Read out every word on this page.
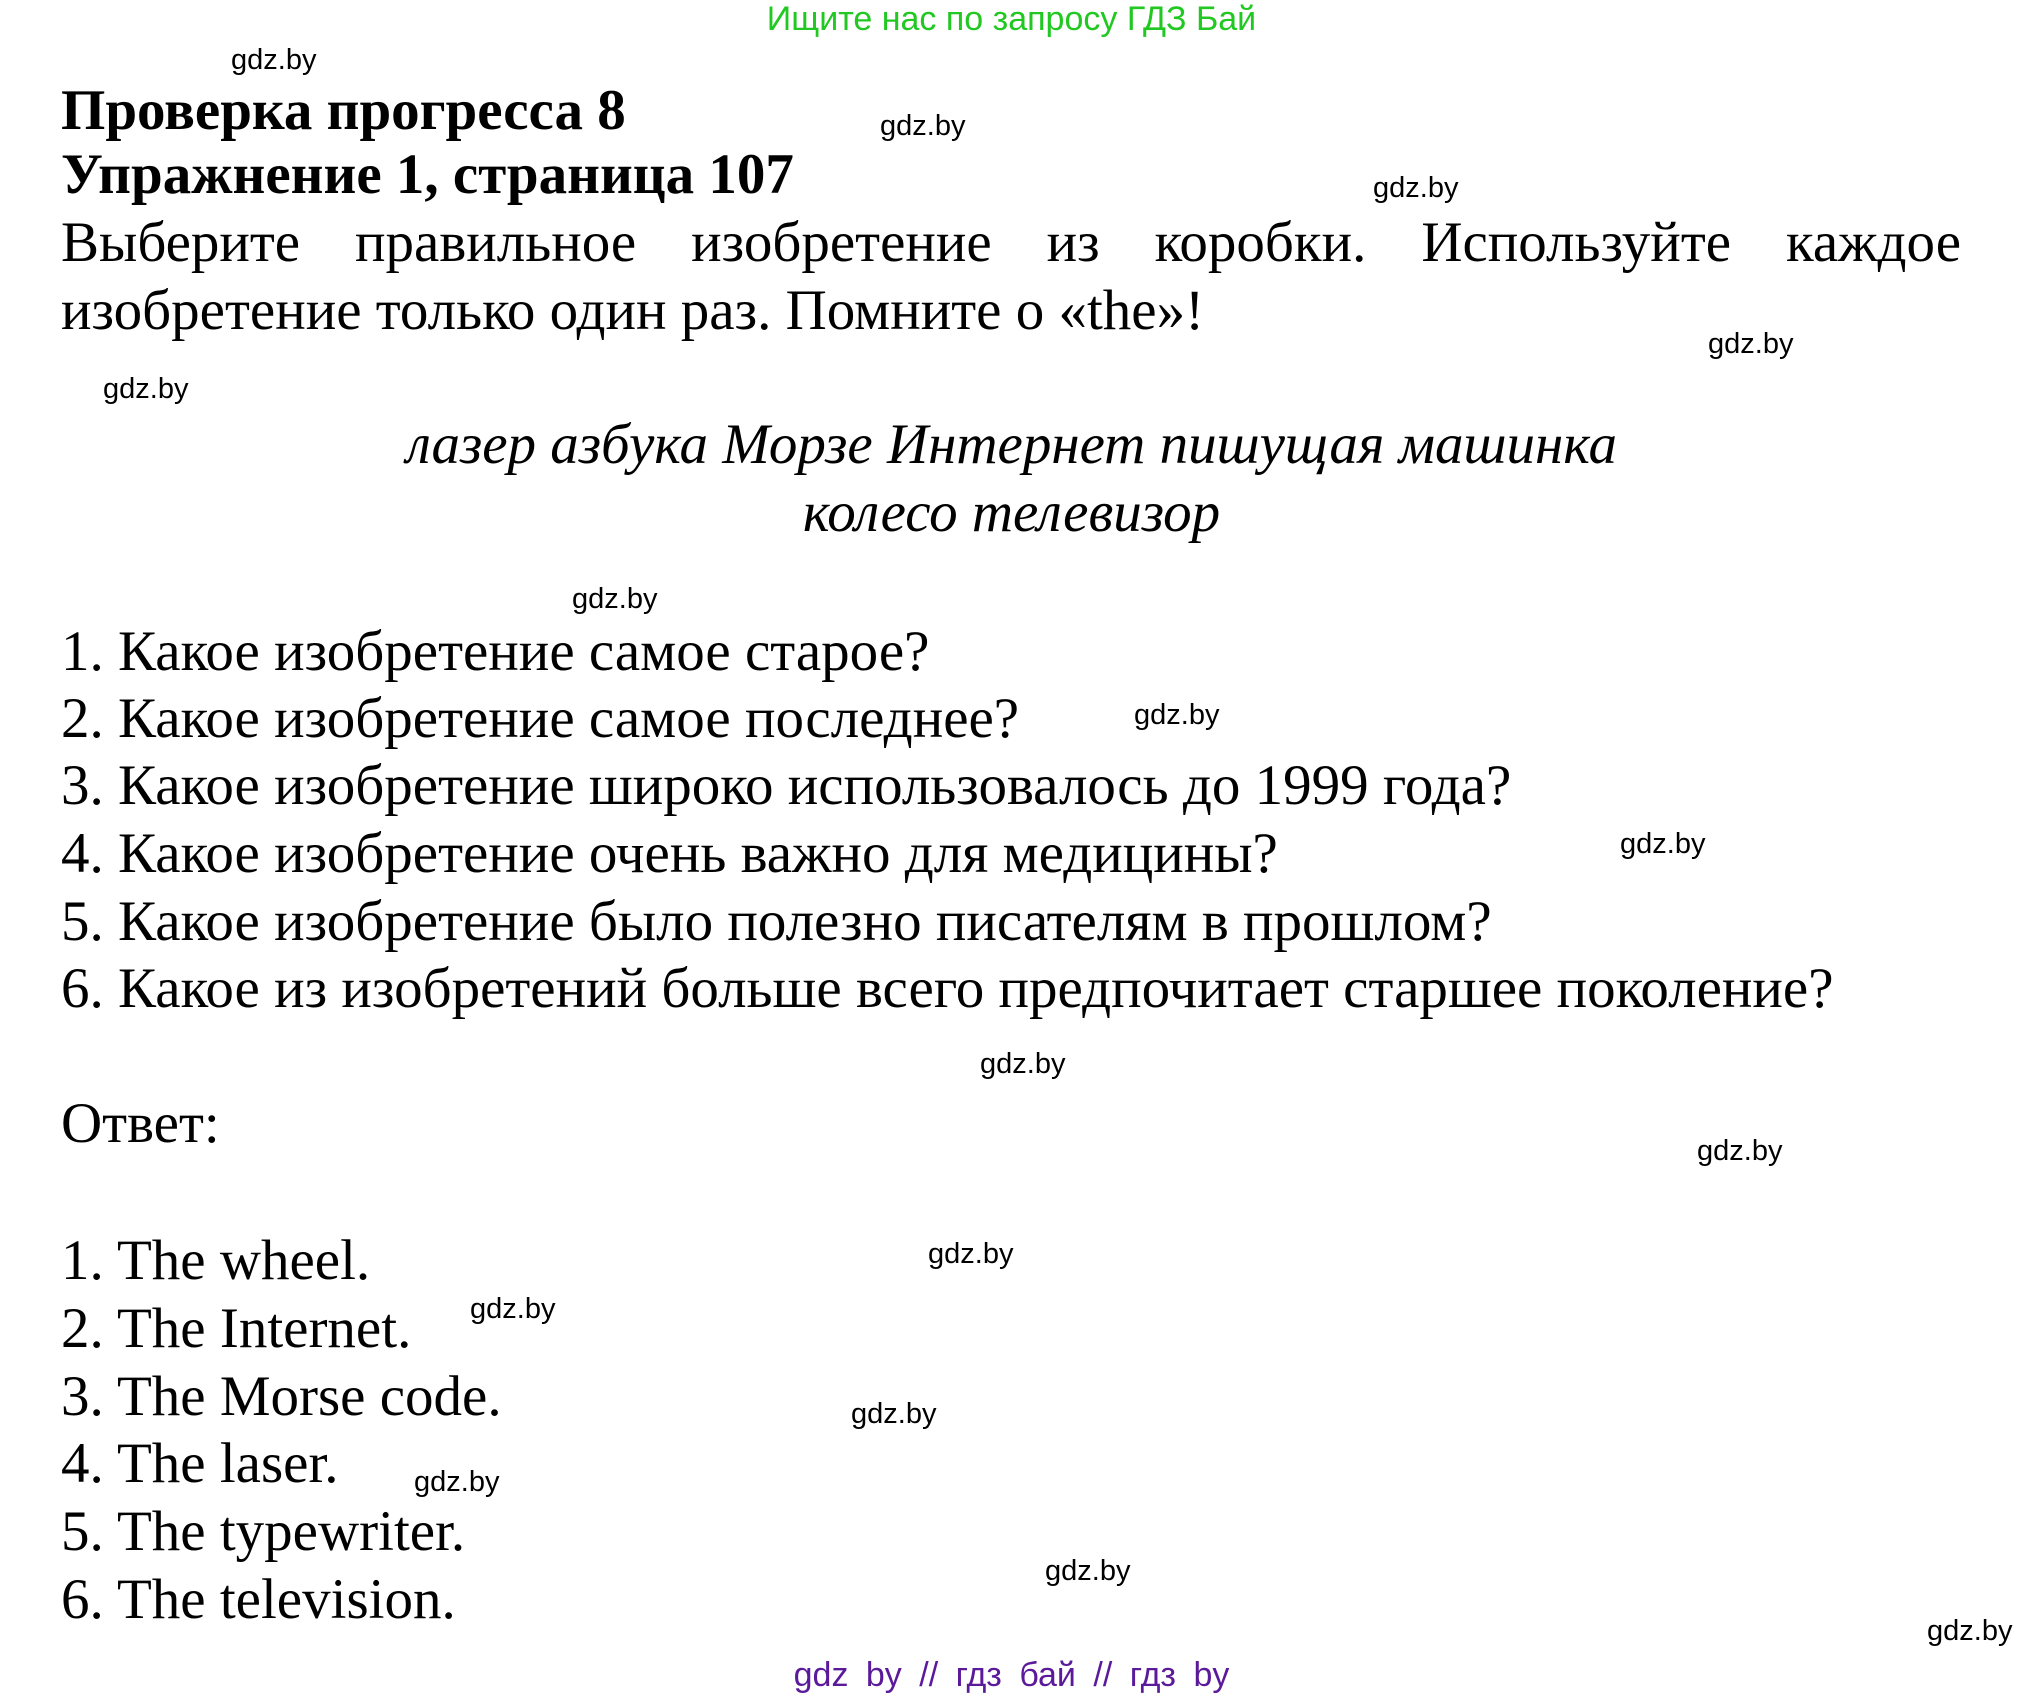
Ищите нас по запросу ГДЗ Бай
Проверка прогресса 8
Упражнение 1, страница 107
Выберите правильное изобретение из коробки. Используйте каждое
изобретение только один раз. Помните о «the»!
лазер азбука Морзе Интернет пишущая машинка
колесо телевизор
1. Какое изобретение самое старое?
2. Какое изобретение самое последнее?
3. Какое изобретение широко использовалось до 1999 года?
4. Какое изобретение очень важно для медицины?
5. Какое изобретение было полезно писателям в прошлом?
6. Какое из изобретений больше всего предпочитает старшее поколение?
Ответ:
1. The wheel.
2. The Internet.
3. The Morse code.
4. The laser.
5. The typewriter.
6. The television.
gdz.by
gdz.by
gdz.by
gdz.by
gdz.by
gdz.by
gdz.by
gdz.by
gdz.by
gdz.by
gdz.by
gdz.by
gdz.by
gdz.by
gdz.by
gdz.by
gdz by // гдз бай // гдз by
